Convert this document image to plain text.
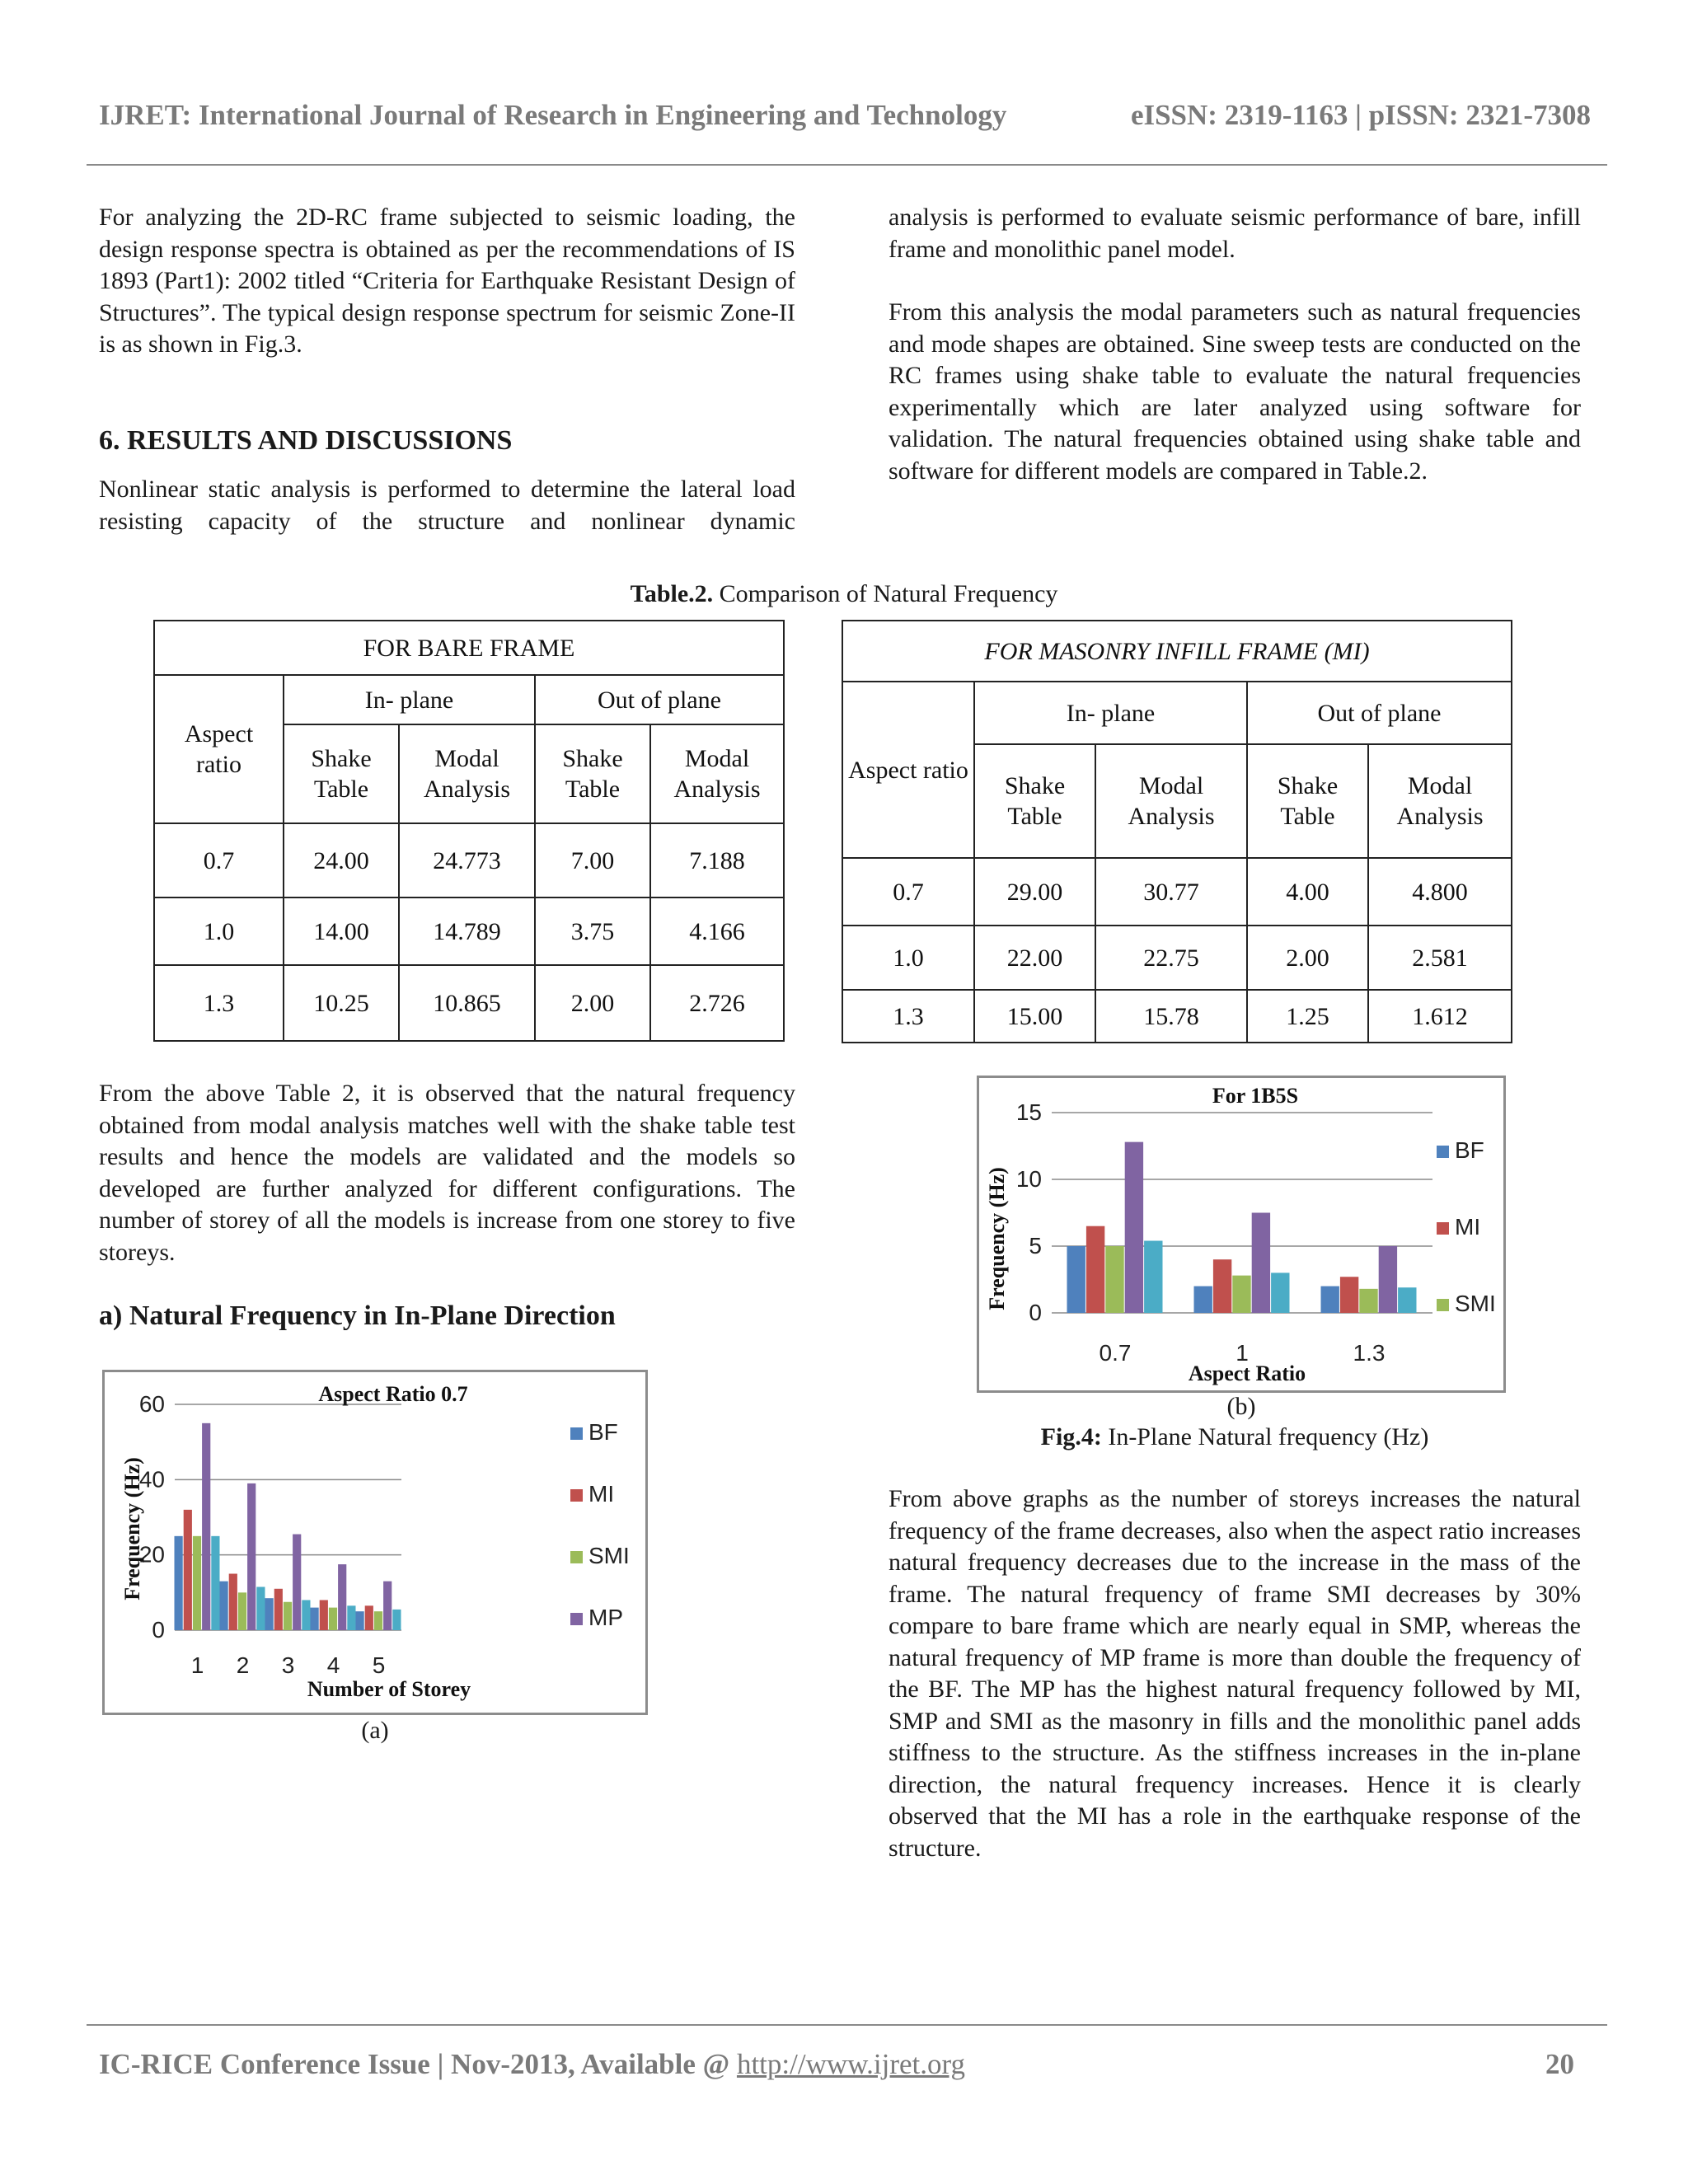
IJRET: International Journal of Research in Engineering and Technology	eISSN: 2319-1163 | pISSN: 2321-7308
For analyzing the 2D-RC frame subjected to seismic loading, the design response spectra is obtained as per the recommendations of IS 1893 (Part1): 2002 titled “Criteria for Earthquake Resistant Design of Structures”. The typical design response spectrum for seismic Zone-II is as shown in Fig.3.
6. RESULTS AND DISCUSSIONS
Nonlinear static analysis is performed to determine the lateral load resisting capacity of the structure and nonlinear dynamic
analysis is performed to evaluate seismic performance of bare, infill frame and monolithic panel model.
From this analysis the modal parameters such as natural frequencies and mode shapes are obtained. Sine sweep tests are conducted on the RC frames using shake table to evaluate the natural frequencies experimentally which are later analyzed using software for validation. The natural frequencies obtained using shake table and software for different models are compared in Table.2.
Table.2. Comparison of Natural Frequency
FOR BARE FRAME				
Aspect ratio	In- plane		Out of plane	
	Shake Table	Modal Analysis	Shake Table	Modal Analysis
0.7	24.00	24.773	7.00	7.188
1.0	14.00	14.789	3.75	4.166
1.3	10.25	10.865	2.00	2.726
FOR MASONRY INFILL FRAME (MI)				
Aspect ratio	In- plane		Out of plane	
	Shake Table	Modal Analysis	Shake Table	Modal Analysis
0.7	29.00	30.77	4.00	4.800
1.0	22.00	22.75	2.00	2.581
1.3	15.00	15.78	1.25	1.612
From the above Table 2, it is observed that the natural frequency obtained from modal analysis matches well with the shake table test results and hence the models are validated and the models so developed are further analyzed for different configurations. The number of storey of all the models is increase from one storey to five storeys.
a) Natural Frequency in In-Plane Direction
0
20
40
60
1 2 3 4 5
Aspect Ratio 0.7
Number of Storey
Frequency (Hz)
BF
MI
SMI
MP
(a)
0
5
10
15
0.7	1	1.3
For 1B5S
Aspect Ratio
Frequency (Hz)
BF
MI
SMI
(b)
Fig.4: In-Plane Natural frequency (Hz)
From above graphs as the number of storeys increases the natural frequency of the frame decreases, also when the aspect ratio increases natural frequency decreases due to the increase in the mass of the frame. The natural frequency of frame SMI decreases by 30% compare to bare frame which are nearly equal in SMP, whereas the natural frequency of MP frame is more than double the frequency of the BF. The MP has the highest natural frequency followed by MI, SMP and SMI as the masonry in fills and the monolithic panel adds stiffness to the structure. As the stiffness increases in the in-plane direction, the natural frequency increases. Hence it is clearly observed that the MI has a role in the earthquake response of the structure.
IC-RICE Conference Issue | Nov-2013, Available @ http://www.ijret.org	20
